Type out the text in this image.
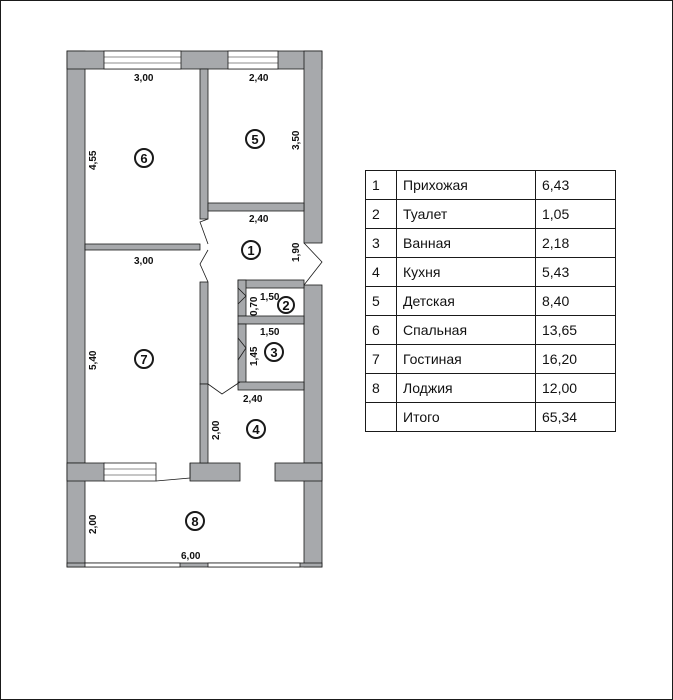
1
2
3
4
5
6
7
8
3,00
4,55
2,40
3,50
2,40
1,90
3,00
5,40
1,50
0,70
1,50
1,45
2,40
2,00
6,00
2,00
1	Прихожая	6,43
2	Туалет	1,05
3	Ванная	2,18
4	Кухня	5,43
5	Детская	8,40
6	Спальная	13,65
7	Гостиная	16,20
8	Лоджия	12,00
	Итого	65,34
